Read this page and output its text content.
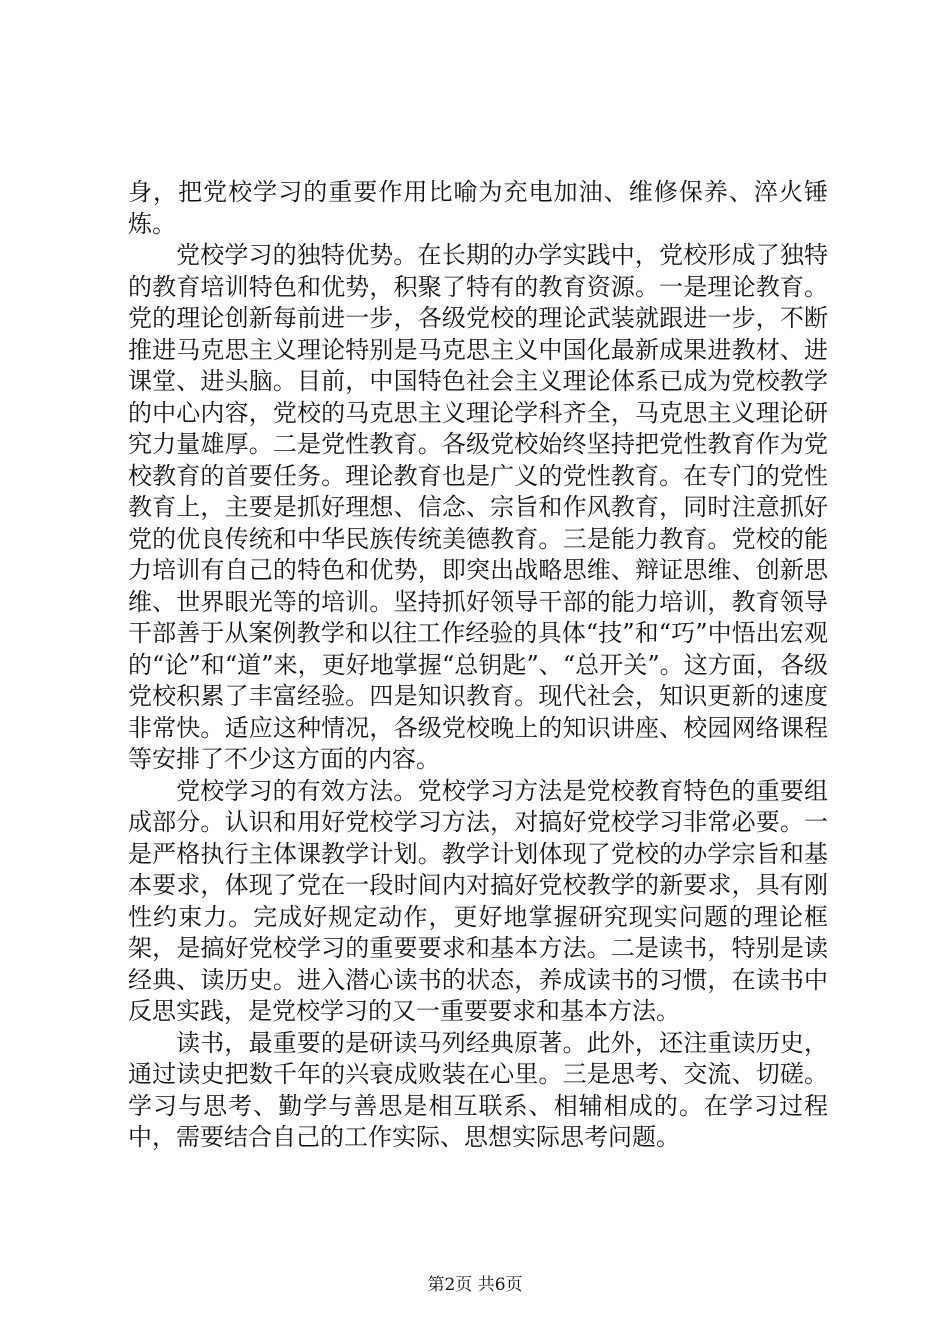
身，把党校学习的重要作用比喻为充电加油、维修保养、淬火锤炼。

党校学习的独特优势。在长期的办学实践中，党校形成了独特的教育培训特色和优势，积聚了特有的教育资源。一是理论教育。党的理论创新每前进一步，各级党校的理论武装就跟进一步，不断推进马克思主义理论特别是马克思主义中国化最新成果进教材、进课堂、进头脑。目前，中国特色社会主义理论体系已成为党校教学的中心内容，党校的马克思主义理论学科齐全，马克思主义理论研究力量雄厚。二是党性教育。各级党校始终坚持把党性教育作为党校教育的首要任务。理论教育也是广义的党性教育。在专门的党性教育上，主要是抓好理想、信念、宗旨和作风教育，同时注意抓好党的优良传统和中华民族传统美德教育。三是能力教育。党校的能力培训有自己的特色和优势，即突出战略思维、辩证思维、创新思维、世界眼光等的培训。坚持抓好领导干部的能力培训，教育领导干部善于从案例教学和以往工作经验的具体“技”和“巧”中悟出宏观的“论”和“道”来，更好地掌握“总钥匙”、“总开关”。这方面，各级党校积累了丰富经验。四是知识教育。现代社会，知识更新的速度非常快。适应这种情况，各级党校晚上的知识讲座、校园网络课程等安排了不少这方面的内容。

党校学习的有效方法。党校学习方法是党校教育特色的重要组成部分。认识和用好党校学习方法，对搞好党校学习非常必要。一是严格执行主体课教学计划。教学计划体现了党校的办学宗旨和基本要求，体现了党在一段时间内对搞好党校教学的新要求，具有刚性约束力。完成好规定动作，更好地掌握研究现实问题的理论框架，是搞好党校学习的重要要求和基本方法。二是读书，特别是读经典、读历史。进入潜心读书的状态，养成读书的习惯，在读书中反思实践，是党校学习的又一重要要求和基本方法。

读书，最重要的是研读马列经典原著。此外，还注重读历史，通过读史把数千年的兴衰成败装在心里。三是思考、交流、切磋。学习与思考、勤学与善思是相互联系、相辅相成的。在学习过程中，需要结合自己的工作实际、思想实际思考问题。

第2页 共6页
